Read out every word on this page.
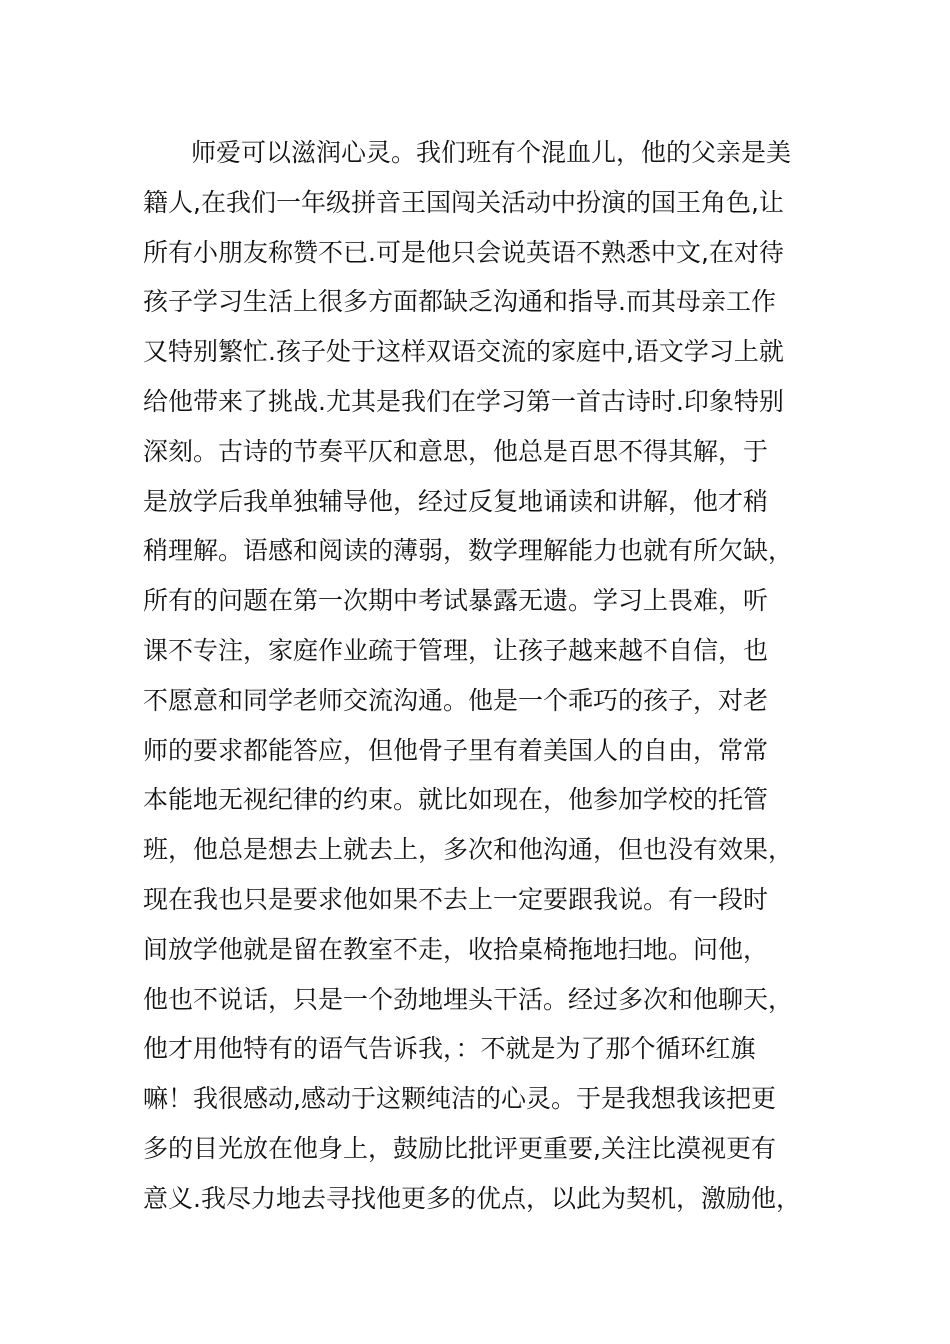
师爱可以滋润心灵。我们班有个混血儿，他的父亲是美
籍人,在我们一年级拼音王国闯关活动中扮演的国王角色,让
所有小朋友称赞不已.可是他只会说英语不熟悉中文,在对待
孩子学习生活上很多方面都缺乏沟通和指导.而其母亲工作
又特别繁忙.孩子处于这样双语交流的家庭中,语文学习上就
给他带来了挑战.尤其是我们在学习第一首古诗时.印象特别
深刻。古诗的节奏平仄和意思，他总是百思不得其解，于
是放学后我单独辅导他，经过反复地诵读和讲解，他才稍
稍理解。语感和阅读的薄弱，数学理解能力也就有所欠缺，
所有的问题在第一次期中考试暴露无遗。学习上畏难，听
课不专注，家庭作业疏于管理，让孩子越来越不自信，也
不愿意和同学老师交流沟通。他是一个乖巧的孩子，对老
师的要求都能答应，但他骨子里有着美国人的自由，常常
本能地无视纪律的约束。就比如现在，他参加学校的托管
班，他总是想去上就去上，多次和他沟通，但也没有效果，
现在我也只是要求他如果不去上一定要跟我说。有一段时
间放学他就是留在教室不走，收拾桌椅拖地扫地。问他，
他也不说话，只是一个劲地埋头干活。经过多次和他聊天，
他才用他特有的语气告诉我，：不就是为了那个循环红旗
嘛！我很感动,感动于这颗纯洁的心灵。于是我想我该把更
多的目光放在他身上，鼓励比批评更重要,关注比漠视更有
意义.我尽力地去寻找他更多的优点，以此为契机，激励他，
